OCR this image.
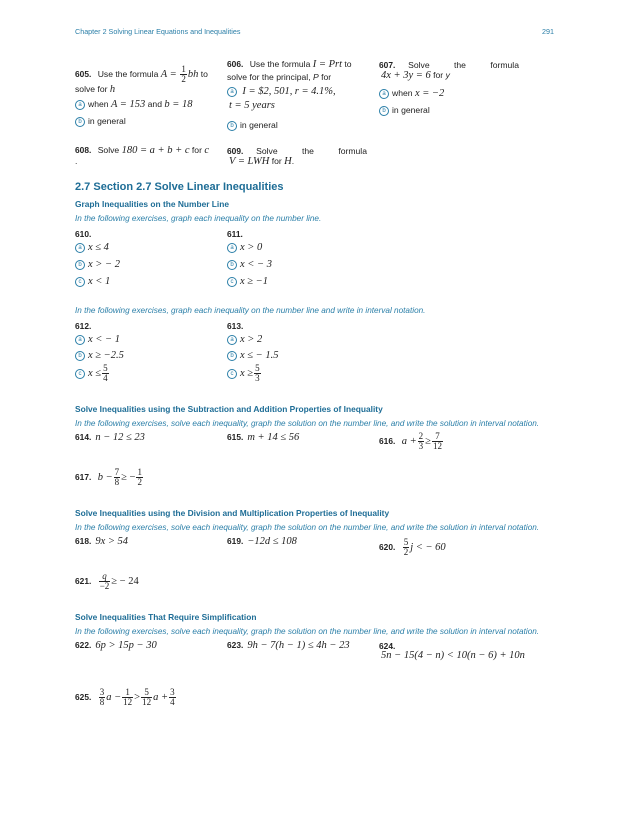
Chapter 2 Solving Linear Equations and Inequalities	291
605. Use the formula $A = \frac{1}{2}$ bh to
solve for h
a when A = 153 and b = 18
b in general
606. Use the formula I = Prt to
solve for the principal, P for
a I = $2, 501, r = 4.1%,
t = 5 years
b in general
607. Solve the formula
4x + 3y = 6 for y
a when x = −2
b in general
608. Solve 180 = a + b + c for c
.
609. Solve the formula
V = LWH for H.
2.7 Section 2.7 Solve Linear Inequalities
Graph Inequalities on the Number Line
In the following exercises, graph each inequality on the number line.
610.
a x ≤ 4
b x > − 2
c x < 1
611.
a x > 0
b x < − 3
c x ≥ −1
In the following exercises, graph each inequality on the number line and write in interval notation.
612.
a x < − 1
b x ≥ −2.5
c $x \le \frac{5}{4}$
613.
a x > 2
b x ≤ − 1.5
c $x \ge \frac{5}{3}$
Solve Inequalities using the Subtraction and Addition Properties of Inequality
In the following exercises, solve each inequality, graph the solution on the number line, and write the solution in interval notation.
614. n − 12 ≤ 23	615. m + 14 ≤ 56	616. $a + \frac{2}{3} \ge \frac{7}{12}$
617. $b - \frac{7}{8}$ ≥ − $\frac{1}{2}$
Solve Inequalities using the Division and Multiplication Properties of Inequality
In the following exercises, solve each inequality, graph the solution on the number line, and write the solution in interval notation.
618. 9x > 54	619. −12d ≤ 108	620. $\frac{5}{2}$ j < − 60
621. $\frac{q}{-2}$ ≥ − 24
Solve Inequalities That Require Simplification
In the following exercises, solve each inequality, graph the solution on the number line, and write the solution in interval notation.
622. 6p > 15p − 30	623. 9h − 7(h − 1) ≤ 4h − 23	624.
5n − 15(4 − n) < 10(n − 6) + 10n
625. $\frac{3}{8}$ $a - \frac{1}{12} > \frac{5}{12}$ $a + \frac{3}{4}$
